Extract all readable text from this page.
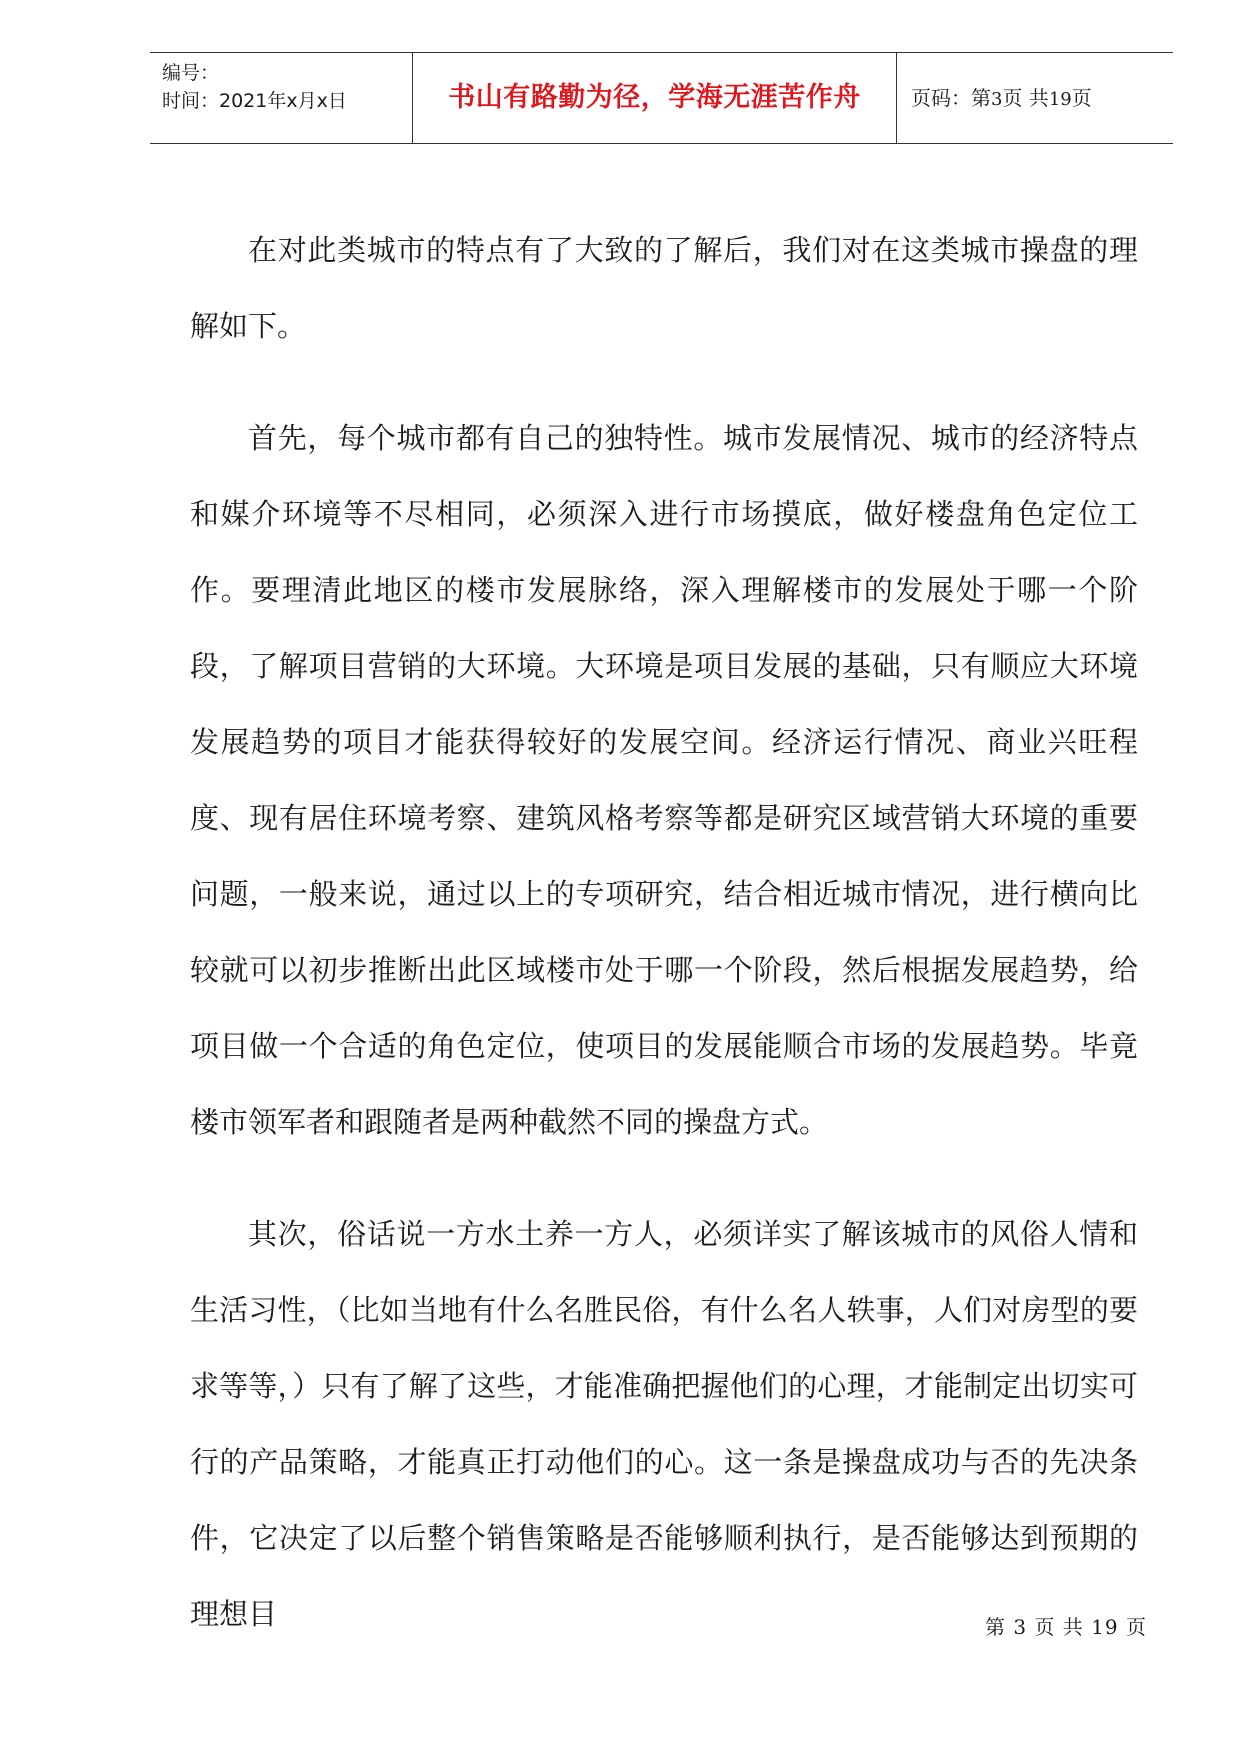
编号：
时间：2021年x月x日	书山有路勤为径，学海无涯苦作舟	页码：第3页 共19页

在对此类城市的特点有了大致的了解后，我们对在这类城市操盘的理解如下。

首先，每个城市都有自己的独特性。城市发展情况、城市的经济特点和媒介环境等不尽相同，必须深入进行市场摸底，做好楼盘角色定位工作。要理清此地区的楼市发展脉络，深入理解楼市的发展处于哪一个阶段，了解项目营销的大环境。大环境是项目发展的基础，只有顺应大环境发展趋势的项目才能获得较好的发展空间。经济运行情况、商业兴旺程度、现有居住环境考察、建筑风格考察等都是研究区域营销大环境的重要问题，一般来说，通过以上的专项研究，结合相近城市情况，进行横向比较就可以初步推断出此区域楼市处于哪一个阶段，然后根据发展趋势，给项目做一个合适的角色定位，使项目的发展能顺合市场的发展趋势。毕竟楼市领军者和跟随者是两种截然不同的操盘方式。

其次，俗话说一方水土养一方人，必须详实了解该城市的风俗人情和生活习性，（比如当地有什么名胜民俗，有什么名人轶事，人们对房型的要求等等，）只有了解了这些，才能准确把握他们的心理，才能制定出切实可行的产品策略，才能真正打动他们的心。这一条是操盘成功与否的先决条件，它决定了以后整个销售策略是否能够顺利执行，是否能够达到预期的理想目	第 3 页 共 19 页
